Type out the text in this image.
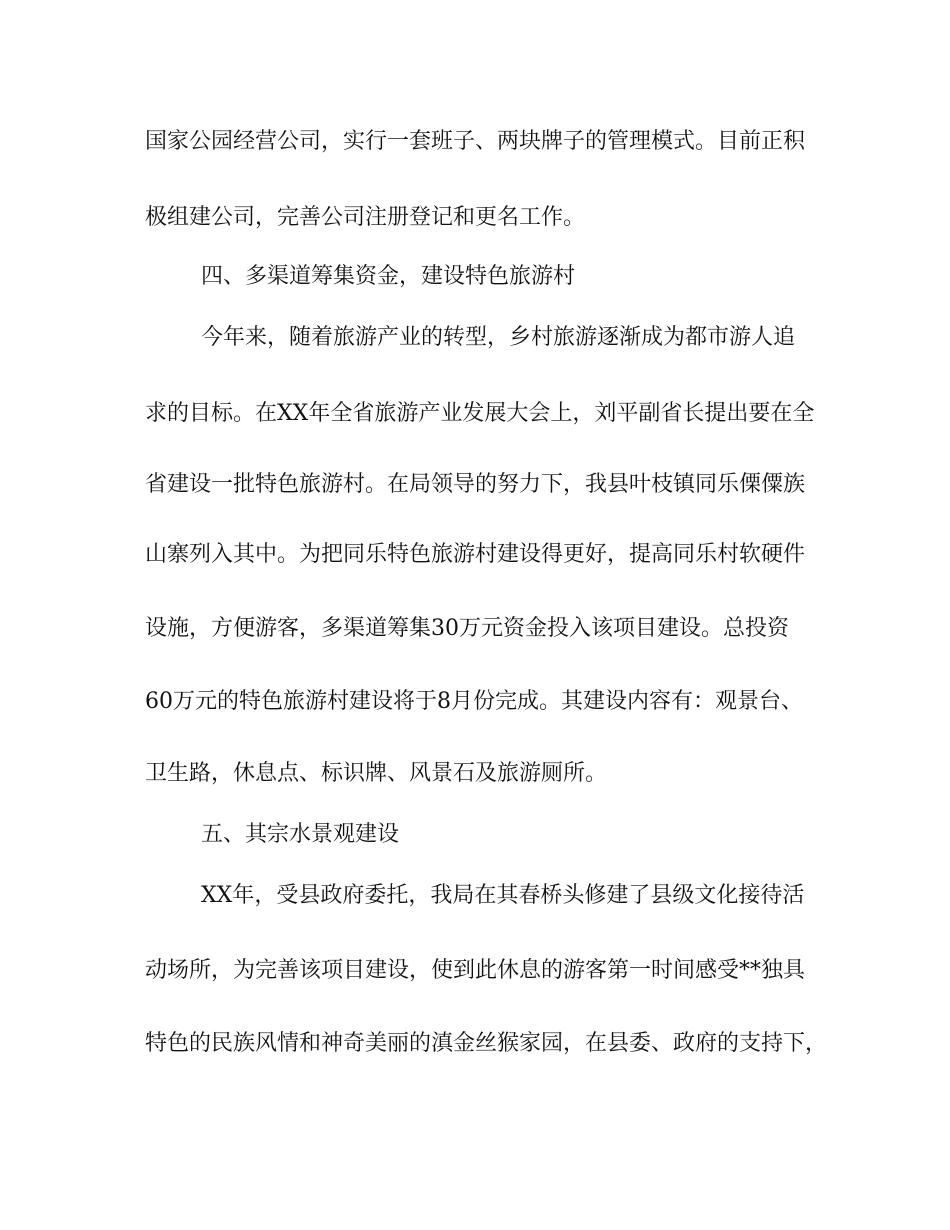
国家公园经营公司，实行一套班子、两块牌子的管理模式。目前正积
极组建公司，完善公司注册登记和更名工作。
四、多渠道筹集资金，建设特色旅游村
今年来，随着旅游产业的转型，乡村旅游逐渐成为都市游人追
求的目标。在XX年全省旅游产业发展大会上，刘平副省长提出要在全
省建设一批特色旅游村。在局领导的努力下，我县叶枝镇同乐傈僳族
山寨列入其中。为把同乐特色旅游村建设得更好，提高同乐村软硬件
设施，方便游客，多渠道筹集30万元资金投入该项目建设。总投资
60万元的特色旅游村建设将于8月份完成。其建设内容有：观景台、
卫生路，休息点、标识牌、风景石及旅游厕所。
五、其宗水景观建设
XX年，受县政府委托，我局在其春桥头修建了县级文化接待活
动场所，为完善该项目建设，使到此休息的游客第一时间感受**独具
特色的民族风情和神奇美丽的滇金丝猴家园，在县委、政府的支持下，
